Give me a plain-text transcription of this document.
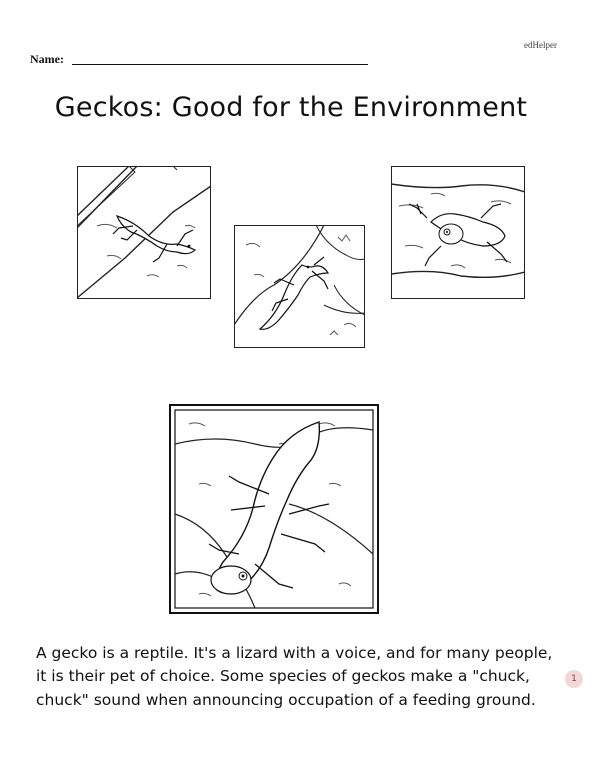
edHelper
Name:
Geckos: Good for the Environment

A gecko is a reptile. It's a lizard with a voice, and for many people, it is their pet of choice. Some species of geckos make a "chuck, chuck" sound when announcing occupation of a feeding ground.

1
